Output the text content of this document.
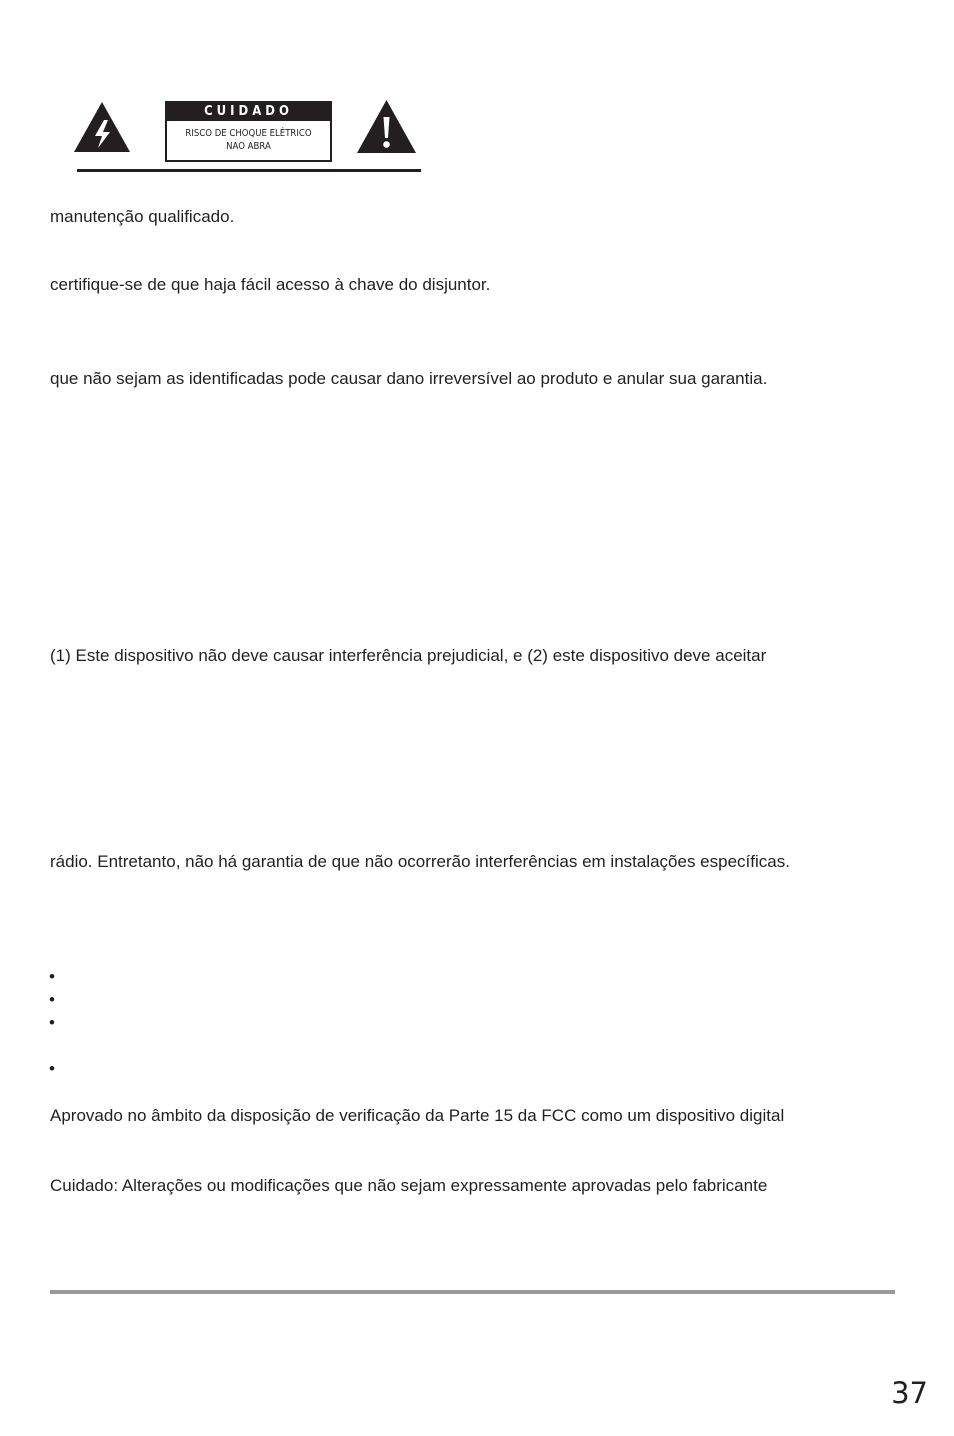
CUIDADO
RISCO DE CHOQUE ELÉTRICO
NÃO ABRA
manutenção qualificado.
certifique-se de que haja fácil acesso à chave do disjuntor.
que não sejam as identificadas pode causar dano irreversível ao produto e anular sua garantia.
(1) Este dispositivo não deve causar interferência prejudicial, e (2) este dispositivo deve aceitar
rádio. Entretanto, não há garantia de que não ocorrerão interferências em instalações específicas.
•
•
•
•
Aprovado no âmbito da disposição de verificação da Parte 15 da FCC como um dispositivo digital
Cuidado: Alterações ou modificações que não sejam expressamente aprovadas pelo fabricante
37
